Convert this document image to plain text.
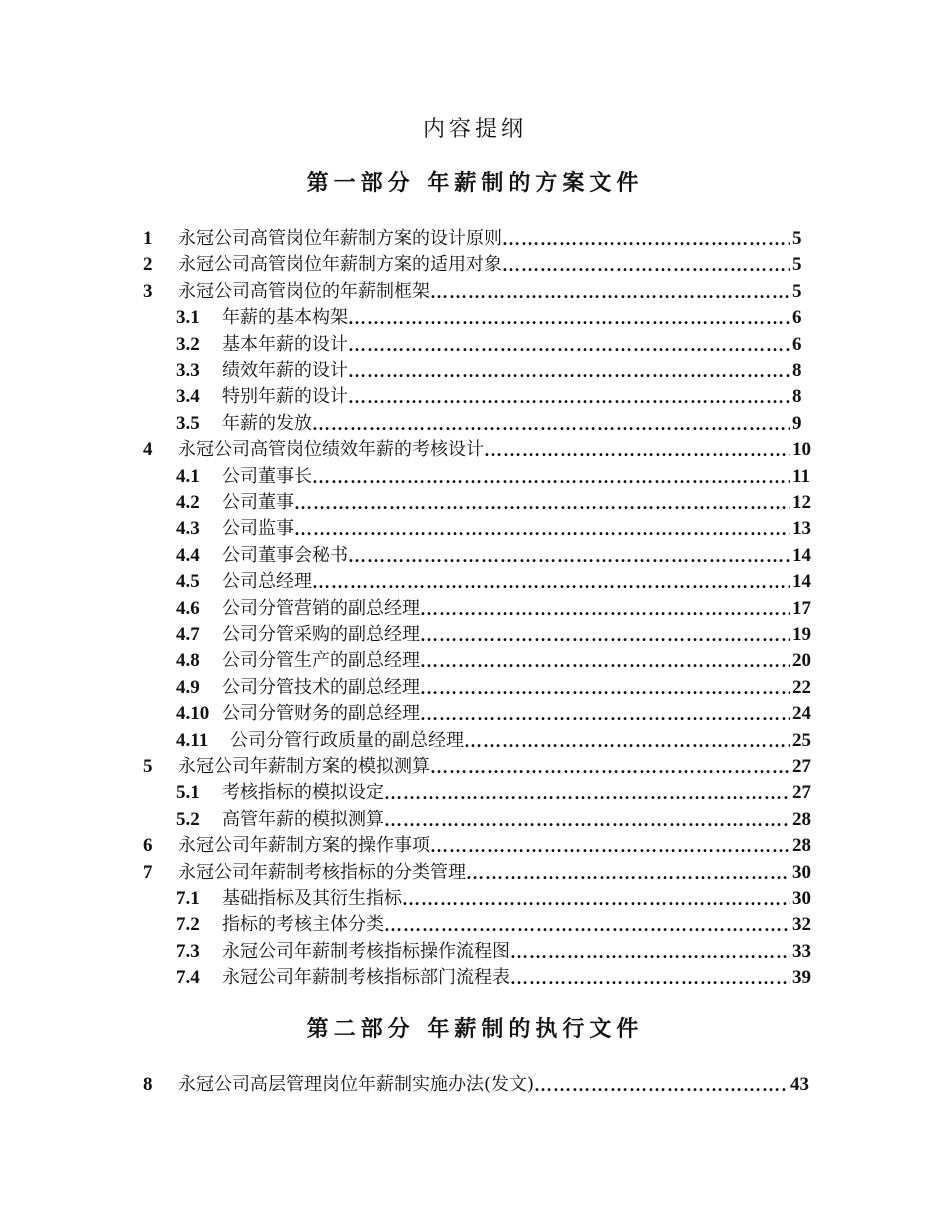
内容提纲
第一部分 年薪制的方案文件
1 永冠公司高管岗位年薪制方案的设计原则 ……………………………………………………………………………………………………………………	5
2 永冠公司高管岗位年薪制方案的适用对象 ……………………………………………………………………………………………………………………	5
3 永冠公司高管岗位的年薪制框架 ……………………………………………………………………………………………………………………	5
3.1 年薪的基本构架 ……………………………………………………………………………………………………………………	6
3.2 基本年薪的设计 ……………………………………………………………………………………………………………………	6
3.3 绩效年薪的设计 ……………………………………………………………………………………………………………………	8
3.4 特别年薪的设计 ……………………………………………………………………………………………………………………	8
3.5 年薪的发放 ……………………………………………………………………………………………………………………	9
4 永冠公司高管岗位绩效年薪的考核设计 ……………………………………………………………………………………………………………………	10
4.1 公司董事长 ……………………………………………………………………………………………………………………	11
4.2 公司董事 ……………………………………………………………………………………………………………………	12
4.3 公司监事 ……………………………………………………………………………………………………………………	13
4.4 公司董事会秘书 ……………………………………………………………………………………………………………………	14
4.5 公司总经理 ……………………………………………………………………………………………………………………	14
4.6 公司分管营销的副总经理 ……………………………………………………………………………………………………………………	17
4.7 公司分管采购的副总经理 ……………………………………………………………………………………………………………………	19
4.8 公司分管生产的副总经理 ……………………………………………………………………………………………………………………	20
4.9 公司分管技术的副总经理 ……………………………………………………………………………………………………………………	22
4.10 公司分管财务的副总经理 ……………………………………………………………………………………………………………………	24
4.11 公司分管行政质量的副总经理 ……………………………………………………………………………………………………………………	25
5 永冠公司年薪制方案的模拟测算 ……………………………………………………………………………………………………………………	27
5.1 考核指标的模拟设定 ……………………………………………………………………………………………………………………	27
5.2 高管年薪的模拟测算 ……………………………………………………………………………………………………………………	28
6 永冠公司年薪制方案的操作事项 ……………………………………………………………………………………………………………………	28
7 永冠公司年薪制考核指标的分类管理 ……………………………………………………………………………………………………………………	30
7.1 基础指标及其衍生指标 ……………………………………………………………………………………………………………………	30
7.2 指标的考核主体分类 ……………………………………………………………………………………………………………………	32
7.3 永冠公司年薪制考核指标操作流程图 ……………………………………………………………………………………………………………………	33
7.4 永冠公司年薪制考核指标部门流程表 ……………………………………………………………………………………………………………………	39
第二部分 年薪制的执行文件
8 永冠公司高层管理岗位年薪制实施办法(发文) ……………………………………………………………………………………………………………………	43
